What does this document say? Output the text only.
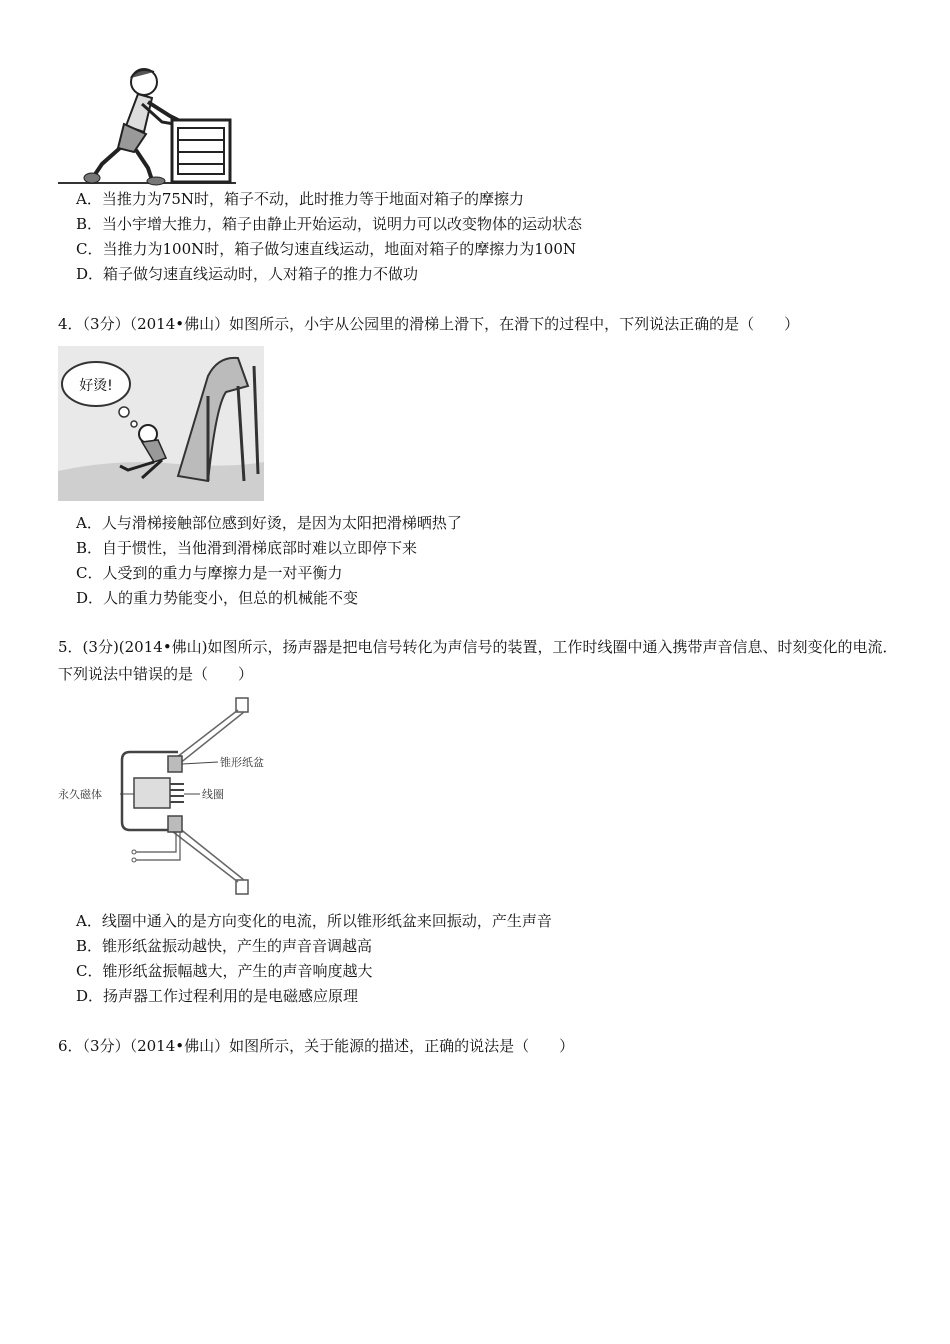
A．当推力为75N时，箱子不动，此时推力等于地面对箱子的摩擦力
B．当小宇增大推力，箱子由静止开始运动，说明力可以改变物体的运动状态
C．当推力为100N时，箱子做匀速直线运动，地面对箱子的摩擦力为100N
D．箱子做匀速直线运动时，人对箱子的推力不做功
4．（3分）（2014•佛山）如图所示，小宇从公园里的滑梯上滑下，在滑下的过程中，下列说法正确的是（　　）
好烫!
A．人与滑梯接触部位感到好烫，是因为太阳把滑梯晒热了
B．自于惯性，当他滑到滑梯底部时难以立即停下来
C．人受到的重力与摩擦力是一对平衡力
D．人的重力势能变小，但总的机械能不变
5．(3分)(2014•佛山)如图所示，扬声器是把电信号转化为声信号的装置，工作时线圈中通入携带声音信息、时刻变化的电流．下列说法中错误的是（　　）
锥形纸盆
永久磁体	线圈
A．线圈中通入的是方向变化的电流，所以锥形纸盆来回振动，产生声音
B．锥形纸盆振动越快，产生的声音音调越高
C．锥形纸盆振幅越大，产生的声音响度越大
D．扬声器工作过程利用的是电磁感应原理
6．（3分）（2014•佛山）如图所示，关于能源的描述，正确的说法是（　　）
